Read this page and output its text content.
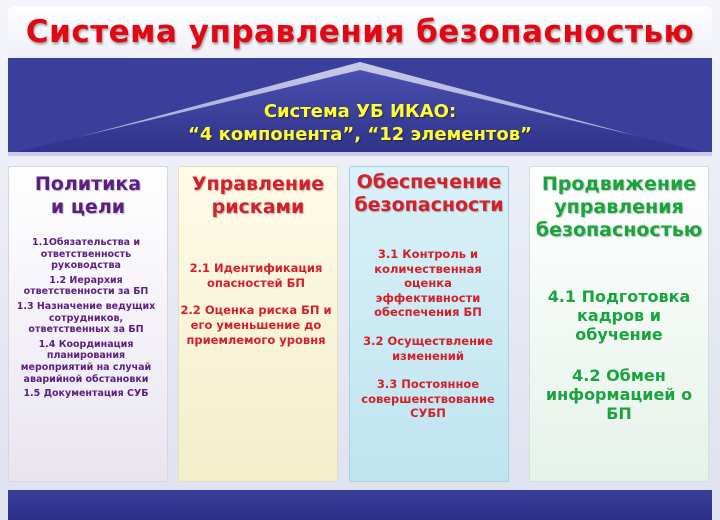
Система управления безопасностью
Система УБ ИКАО:
“4 компонента”, “12 элементов”
Политика
и цели
1.1Обязательства и ответственность руководства
1.2 Иерархия ответственности за БП
1.3 Назначение ведущих сотрудников, ответственных за БП
1.4 Координация планирования мероприятий на случай аварийной обстановки
1.5 Документация СУБ
Управление
рисками
2.1 Идентификация опасностей БП
2.2 Оценка риска БП и его уменьшение до приемлемого уровня
Обеспечение
безопасности
3.1 Контроль и количественная оценка эффективности обеспечения БП
3.2 Осуществление изменений
3.3 Постоянное совершенствование СУБП
Продвижение
управления
безопасностью
4.1 Подготовка кадров и обучение
4.2 Обмен информацией о БП
